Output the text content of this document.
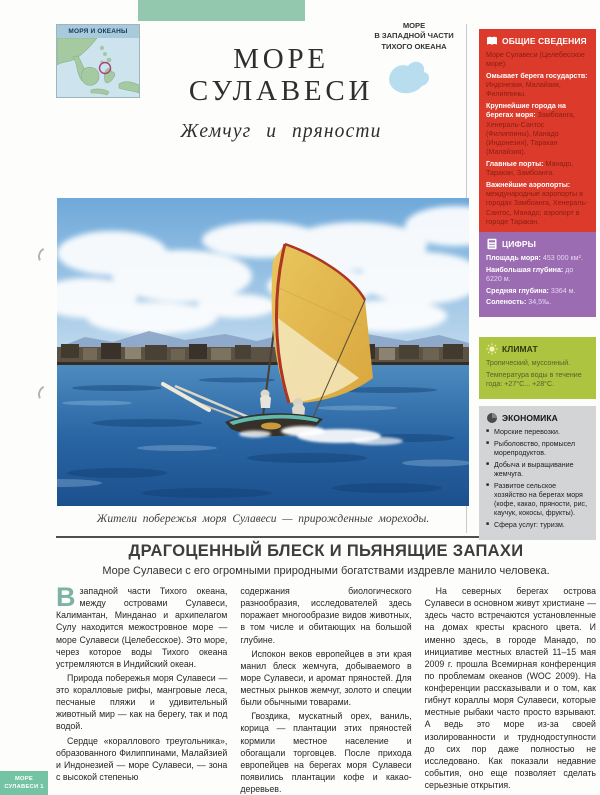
МОРЯ И ОКЕАНЫ
МОРЕ
СУЛАВЕСИ
Жемчуг и пряности
МОРЕ
В ЗАПАДНОЙ ЧАСТИ
ТИХОГО ОКЕАНА
Жители побережья моря Сулавеси — прирожденные мореходы.
ДРАГОЦЕННЫЙ БЛЕСК И ПЬЯНЯЩИЕ ЗАПАХИ
Море Сулавеси с его огромными природными богатствами издревле манило человека.

Взападной части Тихого океана, между островами Сулавеси, Калимантан, Минданао и архипелагом Сулу находится межостровное море — море Сулавеси (Целебесское). Это море, через которое воды Тихого океана устремляются в Индийский океан.

Природа побережья моря Сулавеси — это коралловые рифы, мангровые леса, песчаные пляжи и удивительный животный мир — как на берегу, так и под водой.

Сердце «кораллового треугольника», образованного Филиппинами, Малайзией и Индонезией — море Сулавеси, — зона с высокой степенью

содержания биологического разнообразия, исследователей здесь поражает многообразие видов животных, в том числе и обитающих на большой глубине.

Испокон веков европейцев в эти края манил блеск жемчуга, добываемого в море Сулавеси, и аромат пряностей. Для местных рынков жемчуг, золото и специи были обычными товарами.

Гвоздика, мускатный орех, ваниль, корица — плантации этих пряностей кормили местное население и обогащали торговцев. После прихода европейцев на берегах моря Сулавеси появились плантации кофе и какао-деревьев.

На северных берегах острова Сулавеси в основном живут христиане — здесь часто встречаются установленные на домах кресты красного цвета. И именно здесь, в городе Манадо, по инициативе местных властей 11–15 мая 2009 г. прошла Всемирная конференция по проблемам океанов (WOC 2009). На конференции рассказывали и о том, как гибнут кораллы моря Сулавеси, которые местные рыбаки часто просто взрывают. А ведь это море из-за своей изолированности и труднодоступности до сих пор даже полностью не исследовано. Как показали недавние события, оно еще позволяет сделать серьезные открытия.

ОБЩИЕ СВЕДЕНИЯ

Море Сулавеси (Целебесское море).

Омывает берега государств: Индонезия, Малайзия, Филиппины.

Крупнейшие города на берегах моря: Замбоанга, Хенераль-Сантос (Филиппины), Манадо (Индонезия), Таракан (Малайзия).

Главные порты: Манадо, Таракан, Замбоанга.

Важнейшие аэропорты: международные аэропорты в городах Замбоанга, Хенераль-Сантос, Манадо; аэропорт в городе Таракан.

ЦИФРЫ

Площадь моря: 453 000 км².

Наибольшая глубина: до 6220 м.

Средняя глубина: 3364 м.

Соленость: 34,5‰.

КЛИМАТ

Тропический, муссонный.

Температура воды в течение года: +27°С... +28°С.

ЭКОНОМИКА
■ Морские перевозки.
■ Рыболовство, промысел морепродуктов.
■ Добыча и выращивание жемчуга.
■ Развитое сельское хозяйство на берегах моря (кофе, какао, пряности, рис, каучук, кокосы, фрукты).
■ Сфера услуг: туризм.
МОРЕ
СУЛАВЕСИ 1
